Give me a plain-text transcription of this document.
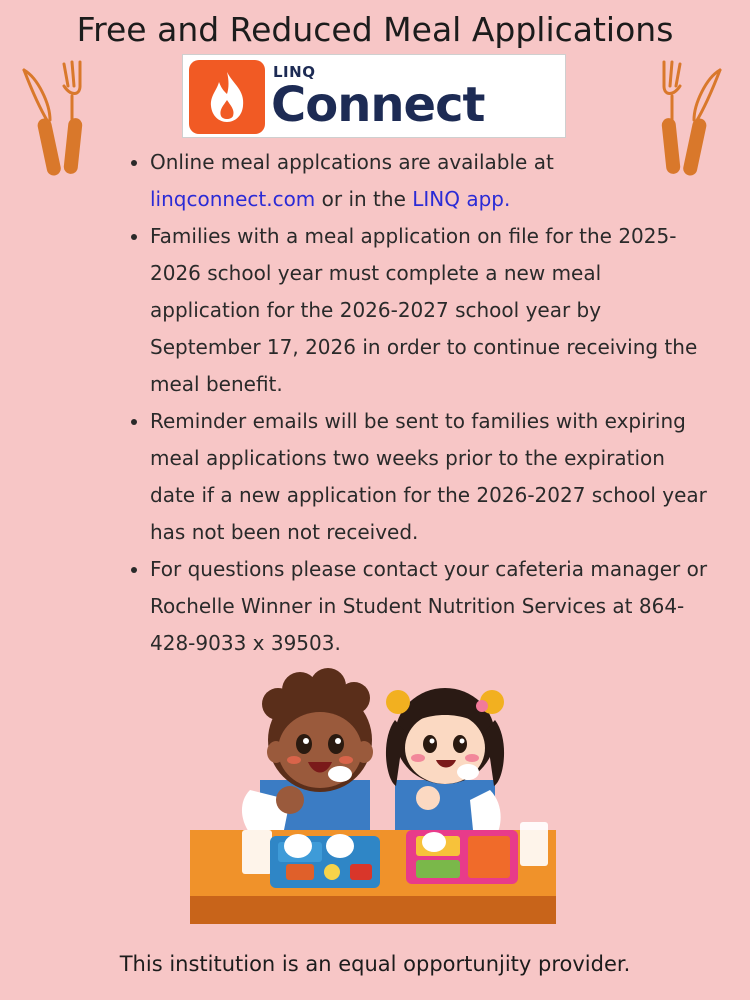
Free and Reduced Meal Applications
LINQ
Connect
• Online meal applcations are available at linqconnect.com or in the LINQ app.
• Families with a meal application on file for the 2025-2026 school year must complete a new meal application for the 2026-2027 school year by September 17, 2026 in order to continue receiving the meal benefit.
• Reminder emails will be sent to families with expiring meal applications two weeks prior to the expiration date if a new application for the 2026-2027 school year has not been not received.
• For questions please contact your cafeteria manager or Rochelle Winner in Student Nutrition Services at 864-428-9033 x 39503.
This institution is an equal opportunjity provider.
